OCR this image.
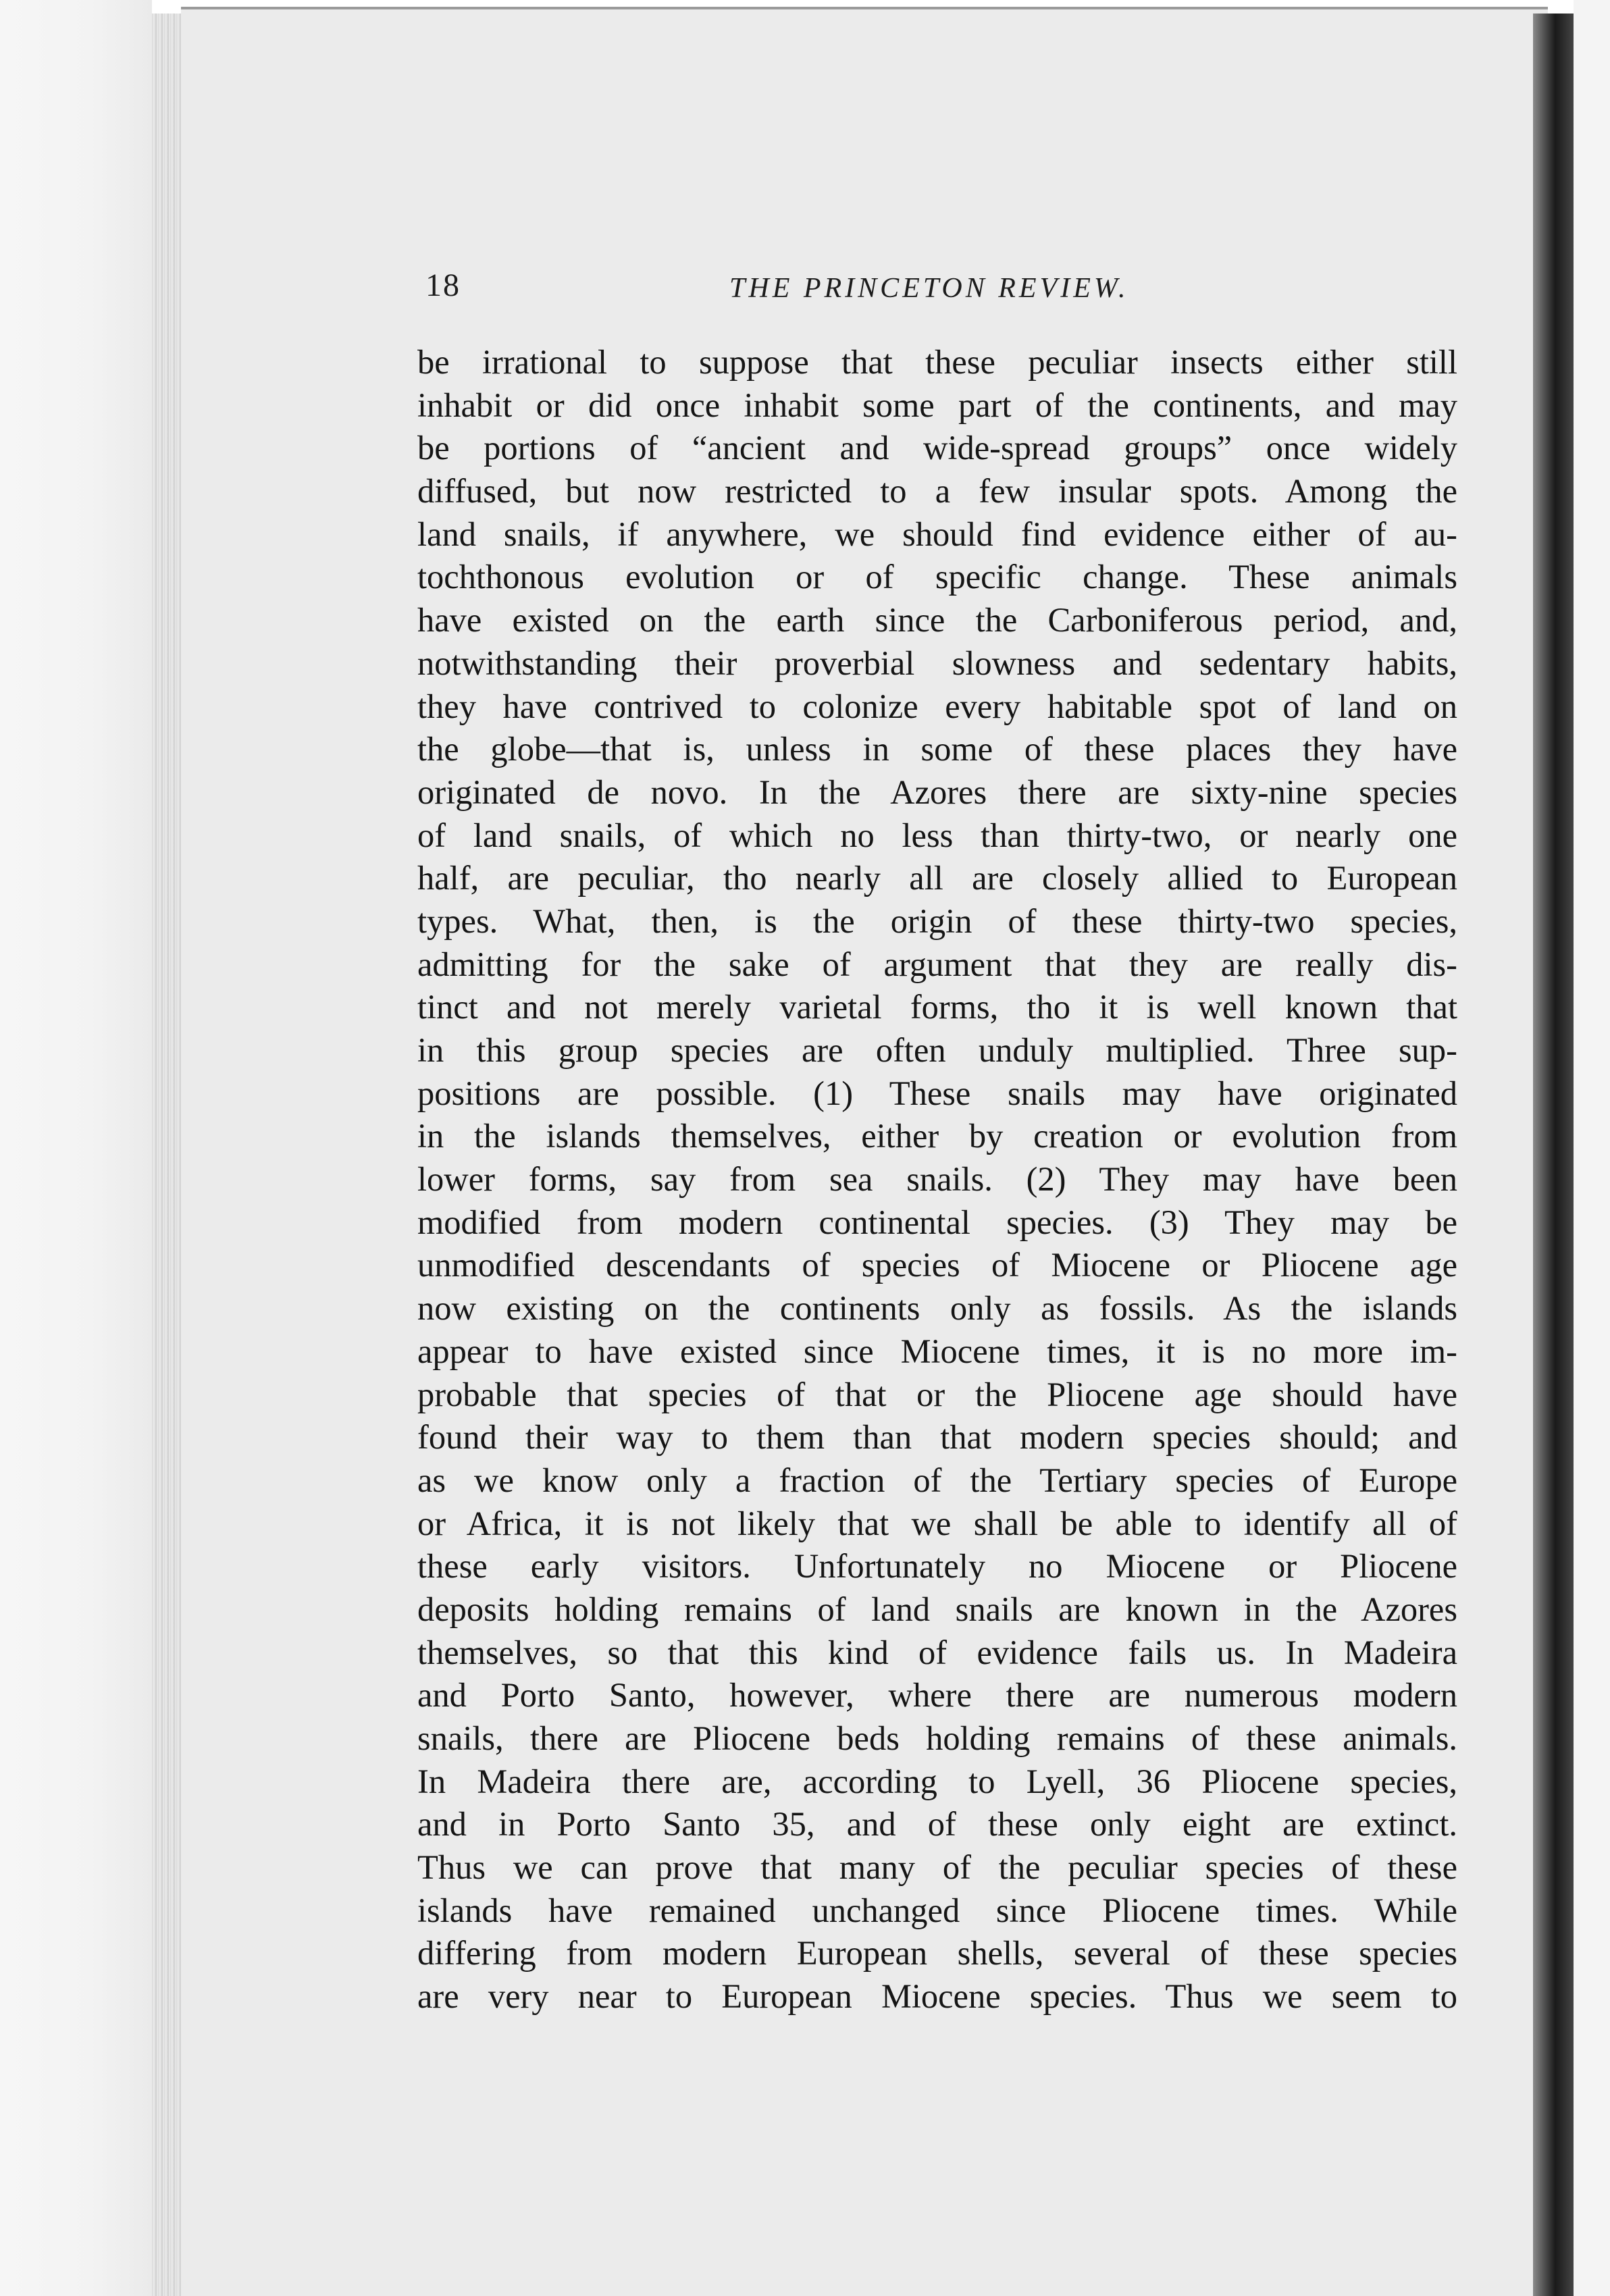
18	THE PRINCETON REVIEW.
be irrational to suppose that these peculiar insects either still
inhabit or did once inhabit some part of the continents, and may
be portions of “ancient and wide-spread groups” once widely
diffused, but now restricted to a few insular spots. Among the
land snails, if anywhere, we should find evidence either of au-
tochthonous evolution or of specific change. These animals
have existed on the earth since the Carboniferous period, and,
notwithstanding their proverbial slowness and sedentary habits,
they have contrived to colonize every habitable spot of land on
the globe—that is, unless in some of these places they have
originated de novo. In the Azores there are sixty-nine species
of land snails, of which no less than thirty-two, or nearly one
half, are peculiar, tho nearly all are closely allied to European
types. What, then, is the origin of these thirty-two species,
admitting for the sake of argument that they are really dis-
tinct and not merely varietal forms, tho it is well known that
in this group species are often unduly multiplied. Three sup-
positions are possible. (1) These snails may have originated
in the islands themselves, either by creation or evolution from
lower forms, say from sea snails. (2) They may have been
modified from modern continental species. (3) They may be
unmodified descendants of species of Miocene or Pliocene age
now existing on the continents only as fossils. As the islands
appear to have existed since Miocene times, it is no more im-
probable that species of that or the Pliocene age should have
found their way to them than that modern species should; and
as we know only a fraction of the Tertiary species of Europe
or Africa, it is not likely that we shall be able to identify all of
these early visitors. Unfortunately no Miocene or Pliocene
deposits holding remains of land snails are known in the Azores
themselves, so that this kind of evidence fails us. In Madeira
and Porto Santo, however, where there are numerous modern
snails, there are Pliocene beds holding remains of these animals.
In Madeira there are, according to Lyell, 36 Pliocene species,
and in Porto Santo 35, and of these only eight are extinct.
Thus we can prove that many of the peculiar species of these
islands have remained unchanged since Pliocene times. While
differing from modern European shells, several of these species
are very near to European Miocene species. Thus we seem to
